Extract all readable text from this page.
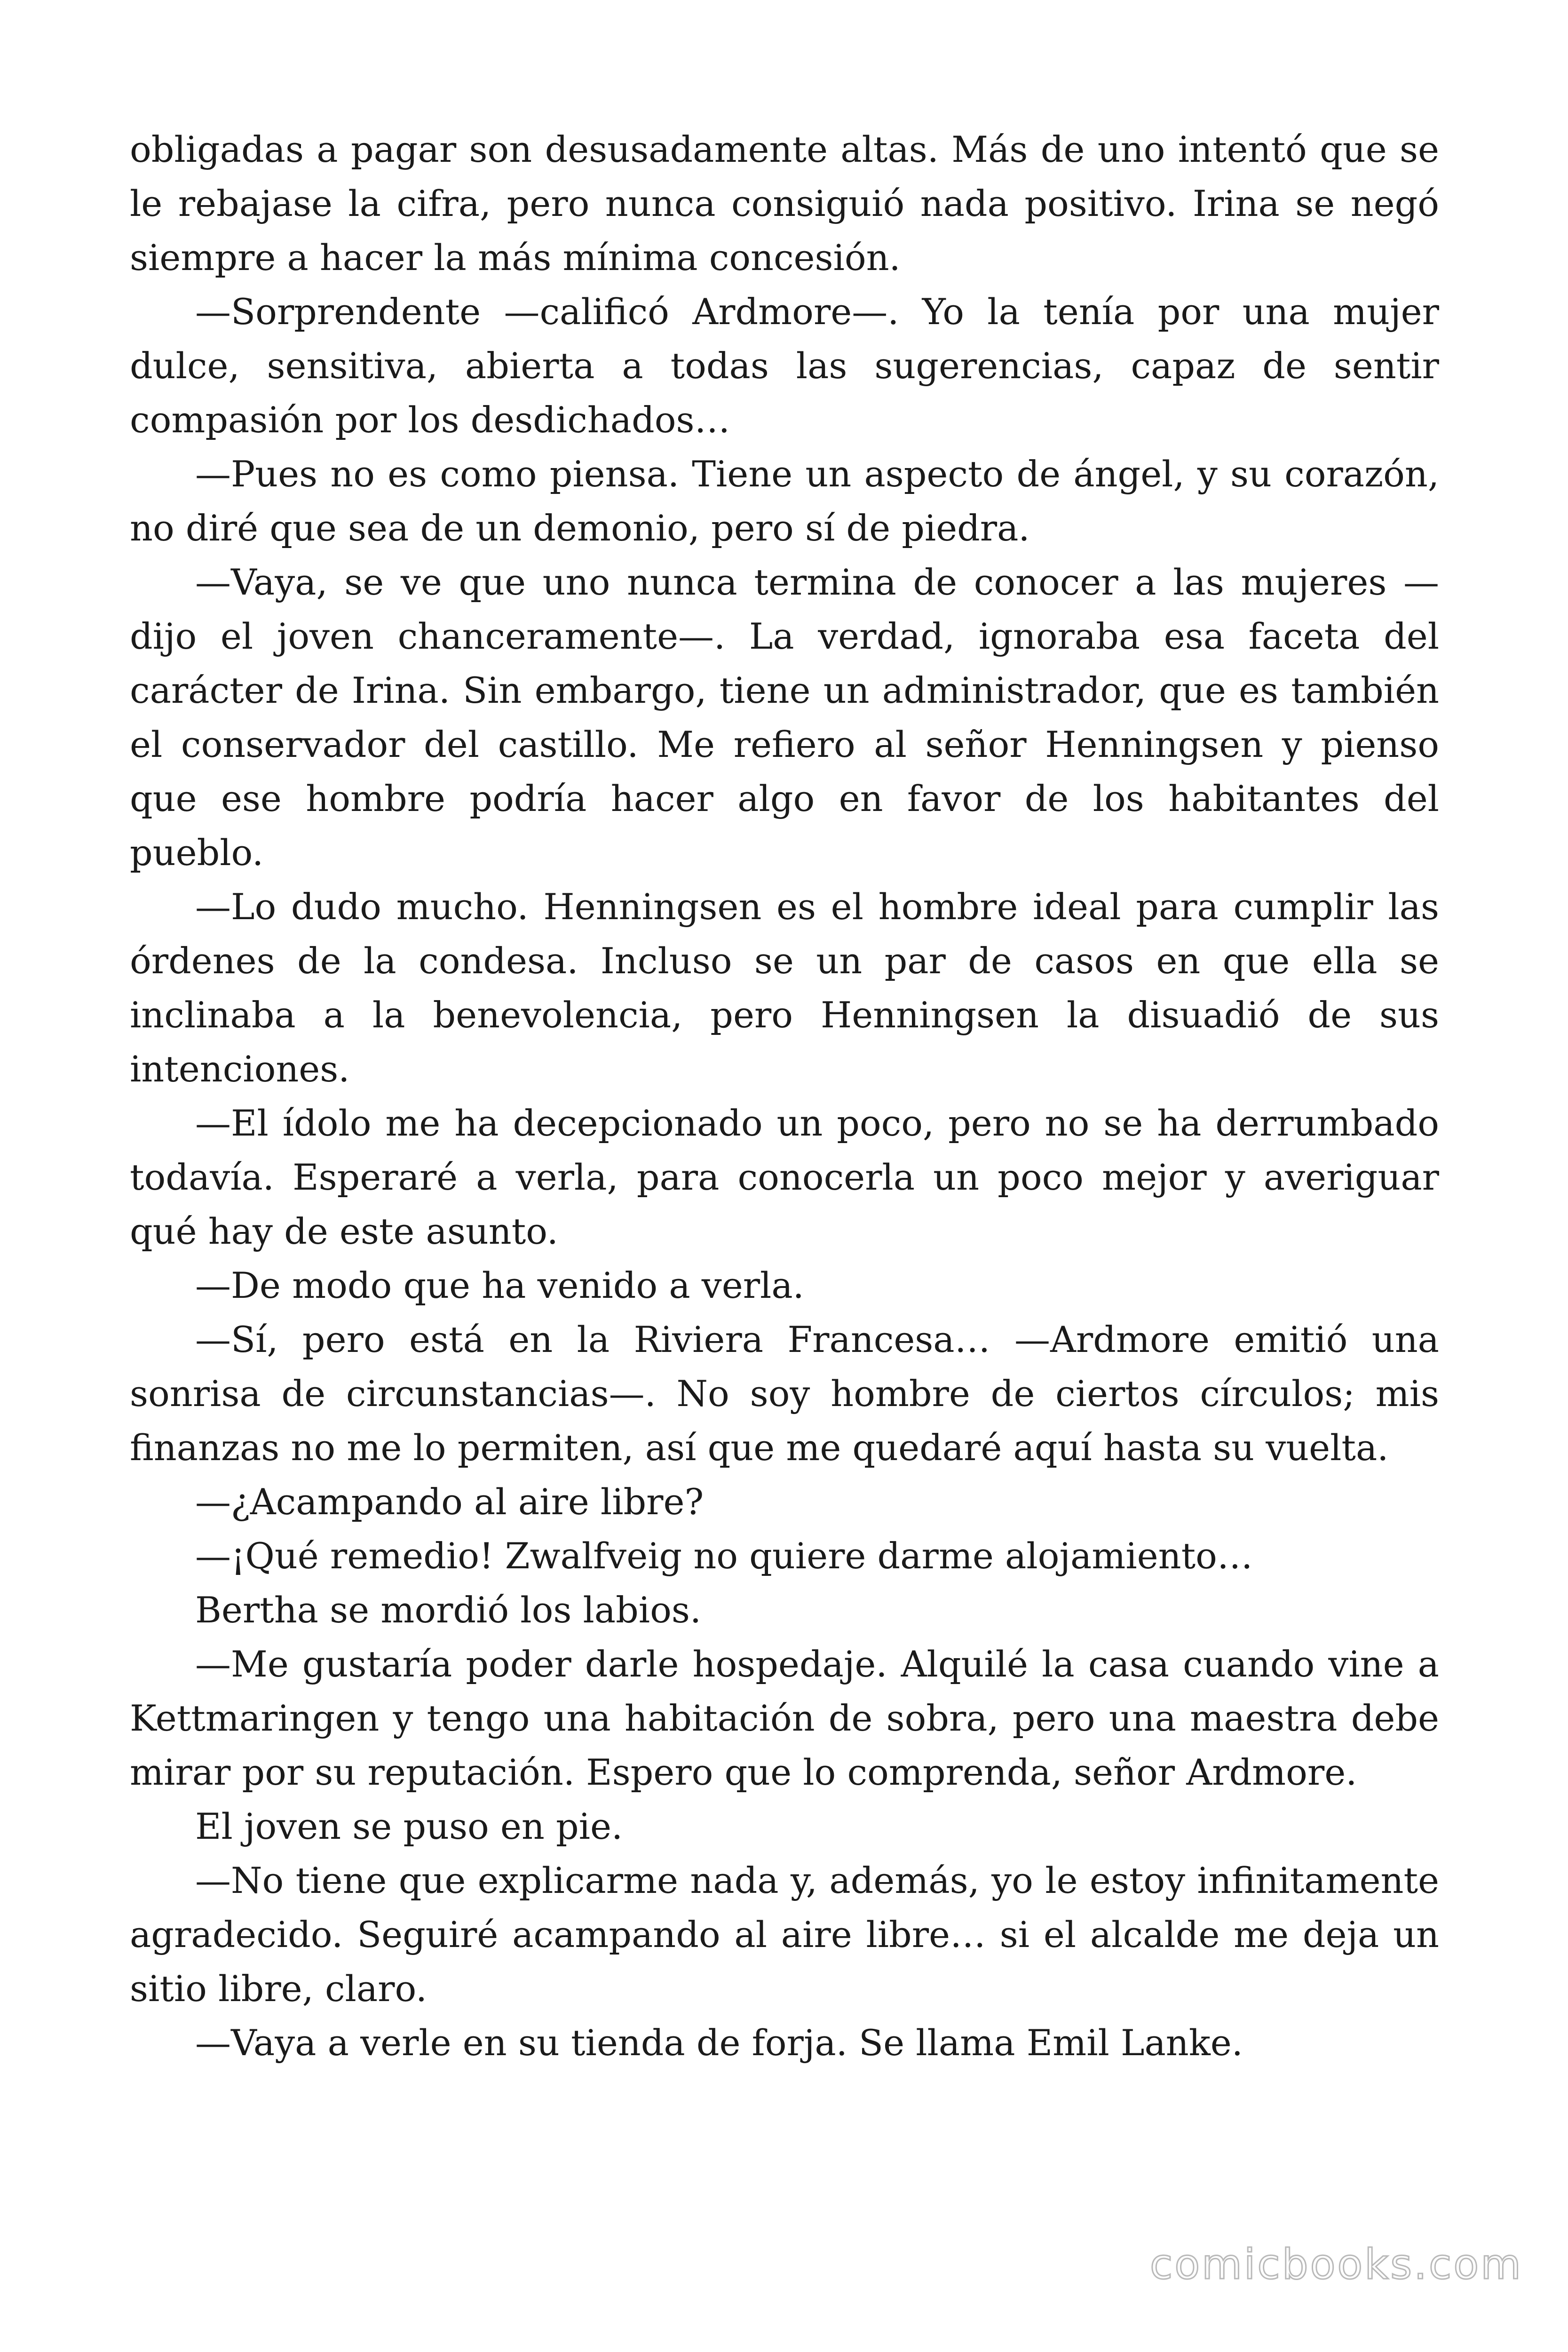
obligadas a pagar son desusadamente altas. Más de uno intentó que se le rebajase la cifra, pero nunca consiguió nada positivo. Irina se negó siempre a hacer la más mínima concesión.

—Sorprendente —calificó Ardmore—. Yo la tenía por una mujer dulce, sensitiva, abierta a todas las sugerencias, capaz de sentir compasión por los desdichados…

—Pues no es como piensa. Tiene un aspecto de ángel, y su corazón, no diré que sea de un demonio, pero sí de piedra.

—Vaya, se ve que uno nunca termina de conocer a las mujeres —dijo el joven chanceramente—. La verdad, ignoraba esa faceta del carácter de Irina. Sin embargo, tiene un administrador, que es también el conservador del castillo. Me refiero al señor Henningsen y pienso que ese hombre podría hacer algo en favor de los habitantes del pueblo.

—Lo dudo mucho. Henningsen es el hombre ideal para cumplir las órdenes de la condesa. Incluso se un par de casos en que ella se inclinaba a la benevolencia, pero Henningsen la disuadió de sus intenciones.

—El ídolo me ha decepcionado un poco, pero no se ha derrumbado todavía. Esperaré a verla, para conocerla un poco mejor y averiguar qué hay de este asunto.

—De modo que ha venido a verla.

—Sí, pero está en la Riviera Francesa… —Ardmore emitió una sonrisa de circunstancias—. No soy hombre de ciertos círculos; mis finanzas no me lo permiten, así que me quedaré aquí hasta su vuelta.

—¿Acampando al aire libre?

—¡Qué remedio! Zwalfveig no quiere darme alojamiento…

Bertha se mordió los labios.

—Me gustaría poder darle hospedaje. Alquilé la casa cuando vine a Kettmaringen y tengo una habitación de sobra, pero una maestra debe mirar por su reputación. Espero que lo comprenda, señor Ardmore.

El joven se puso en pie.

—No tiene que explicarme nada y, además, yo le estoy infinitamente agradecido. Seguiré acampando al aire libre… si el alcalde me deja un sitio libre, claro.

—Vaya a verle en su tienda de forja. Se llama Emil Lanke.

comicbooks.com
